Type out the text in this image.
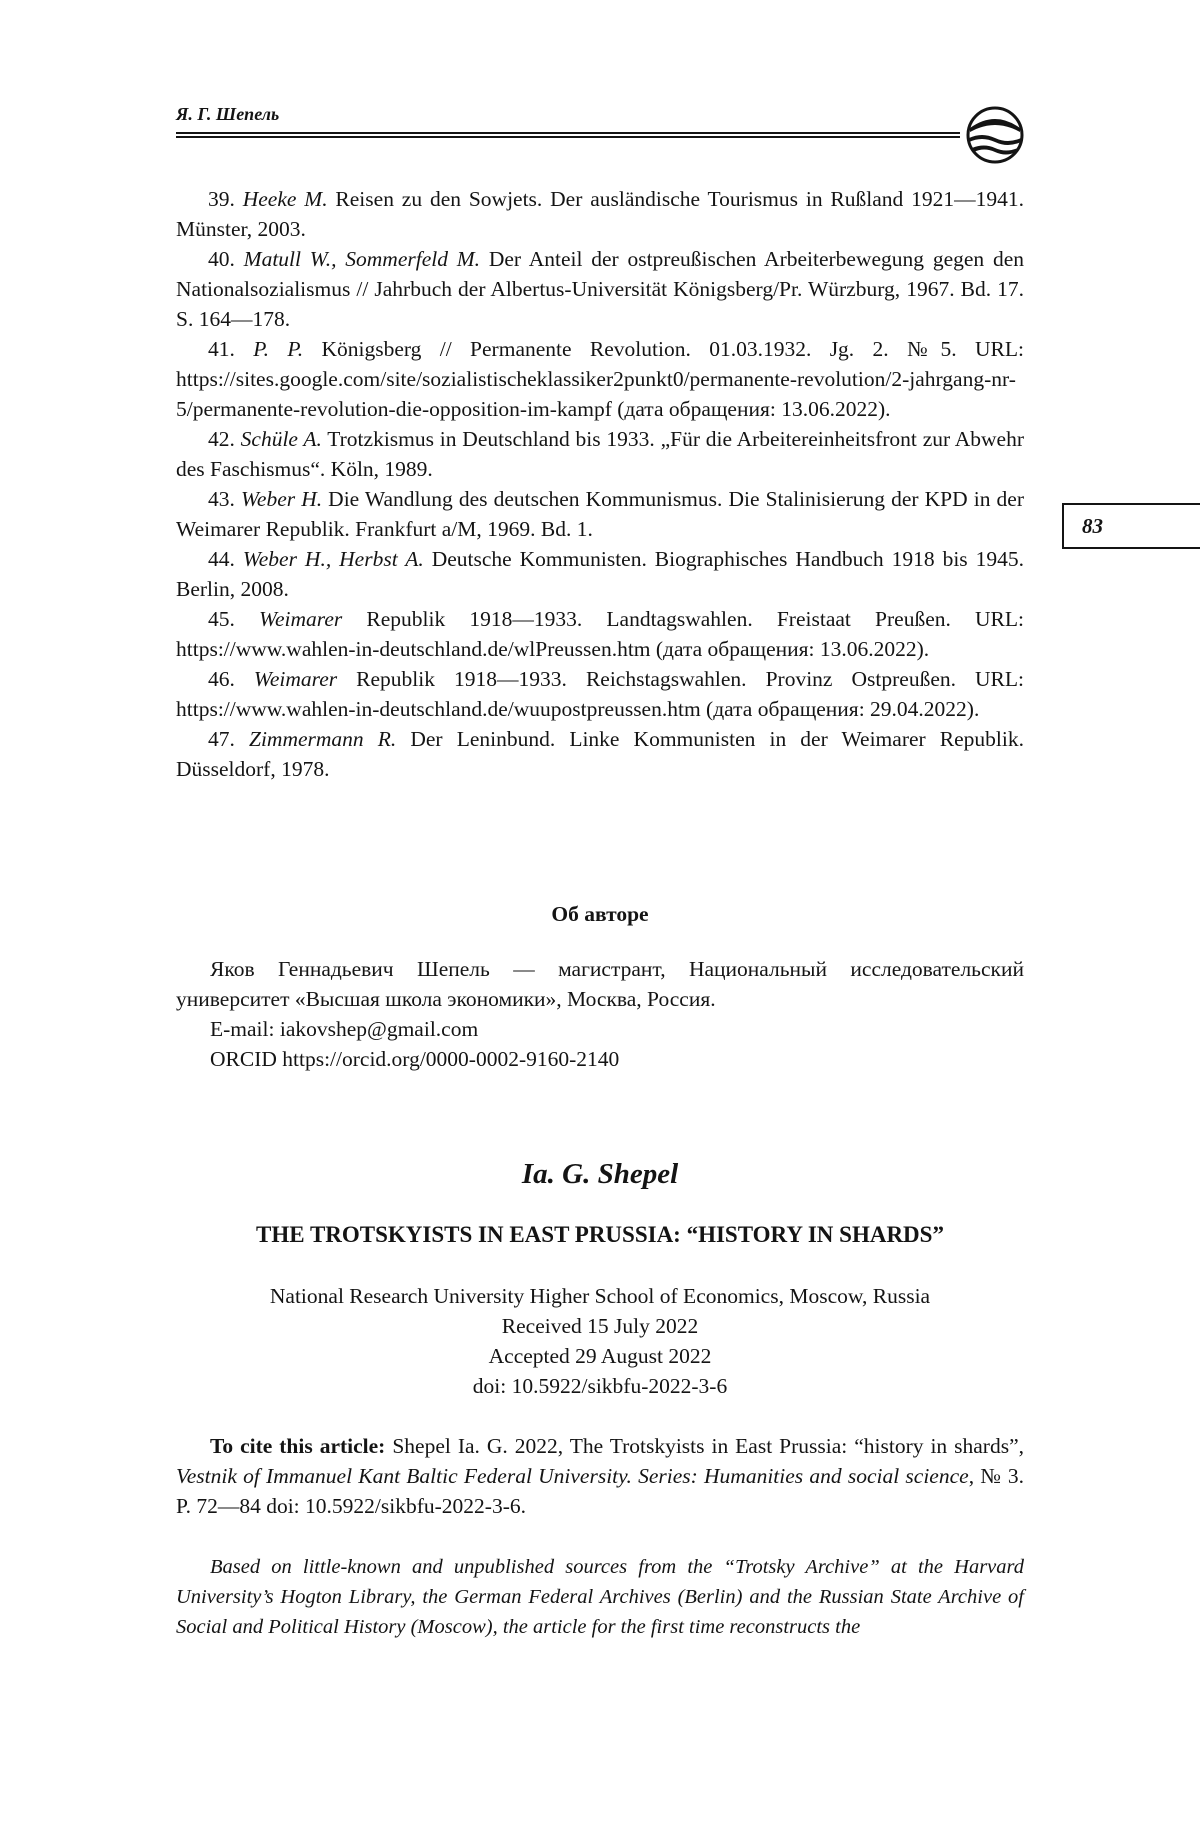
Я. Г. Шепель
83

39. Heeke M. Reisen zu den Sowjets. Der ausländische Tourismus in Rußland 1921—1941. Münster, 2003.

40. Matull W., Sommerfeld M. Der Anteil der ostpreußischen Arbeiterbewegung gegen den Nationalsozialismus // Jahrbuch der Albertus-Universität Königsberg/Pr. Würzburg, 1967. Bd. 17. S. 164—178.

41. P. P. Königsberg // Permanente Revolution. 01.03.1932. Jg. 2. №5. URL: https://sites.google.com/site/sozialistischeklassiker2punkt0/permanente-revolution/2-jahrgang-nr-5/permanente-revolution-die-opposition-im-kampf (дата обращения: 13.06.2022).

42. Schüle A. Trotzkismus in Deutschland bis 1933. „Für die Arbeitereinheitsfront zur Abwehr des Faschismus“. Köln, 1989.

43. Weber H. Die Wandlung des deutschen Kommunismus. Die Stalinisierung der KPD in der Weimarer Republik. Frankfurt a/M, 1969. Bd. 1.

44. Weber H., Herbst A. Deutsche Kommunisten. Biographisches Handbuch 1918 bis 1945. Berlin, 2008.

45. Weimarer Republik 1918—1933. Landtagswahlen. Freistaat Preußen. URL: https://www.wahlen-in-deutschland.de/wlPreussen.htm (дата обращения: 13.06.2022).

46. Weimarer Republik 1918—1933. Reichstagswahlen. Provinz Ostpreußen. URL: https://www.wahlen-in-deutschland.de/wuupostpreussen.htm (дата обращения: 29.04.2022).

47. Zimmermann R. Der Leninbund. Linke Kommunisten in der Weimarer Republik. Düsseldorf, 1978.

Об авторе

Яков Геннадьевич Шепель — магистрант, Национальный исследовательский университет «Высшая школа экономики», Москва, Россия.

E-mail: iakovshep@gmail.com

ORCID https://orcid.org/0000-0002-9160-2140

Ia. G. Shepel
THE TROTSKYISTS IN EAST PRUSSIA: “HISTORY IN SHARDS”
National Research University Higher School of Economics, Moscow, Russia
Received 15 July 2022
Accepted 29 August 2022
doi: 10.5922/sikbfu-2022-3-6

To cite this article: Shepel Ia. G. 2022, The Trotskyists in East Prussia: “history in shards”, Vestnik of Immanuel Kant Baltic Federal University. Series: Humanities and social science, № 3. P. 72—84 doi: 10.5922/sikbfu-2022-3-6.

Based on little-known and unpublished sources from the “Trotsky Archive” at the Harvard University’s Hogton Library, the German Federal Archives (Berlin) and the Russian State Archive of Social and Political History (Moscow), the article for the first time reconstructs the
